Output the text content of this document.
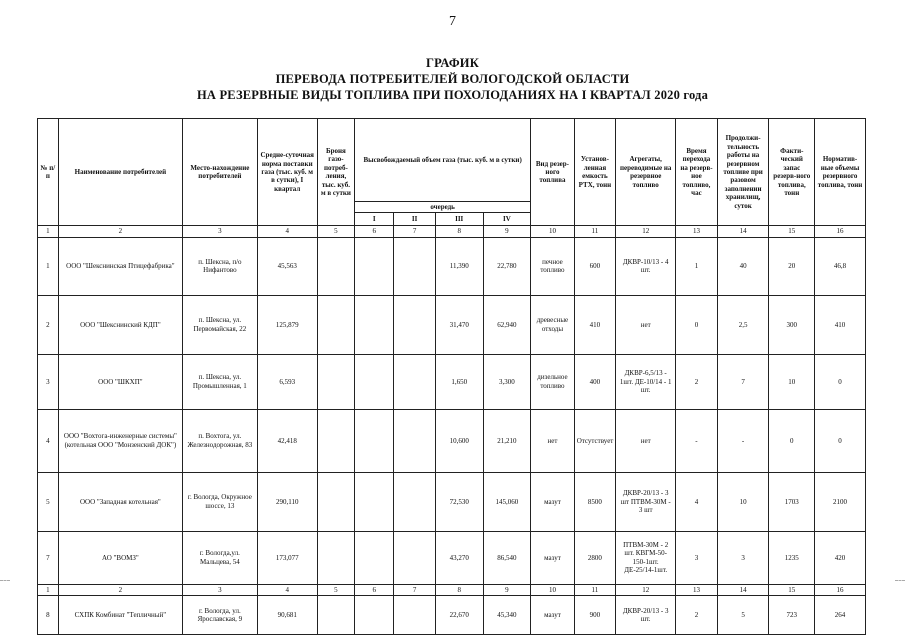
7
ГРАФИК
ПЕРЕВОДА ПОТРЕБИТЕЛЕЙ ВОЛОГОДСКОЙ ОБЛАСТИ
НА РЕЗЕРВНЫЕ ВИДЫ ТОПЛИВА ПРИ ПОХОЛОДАНИЯХ НА I КВАРТАЛ 2020 года
№ п/п	Наименование потребителей	Место-нахождение потребителей	Средне-суточная норма поставки газа (тыс. куб. м в сутки), I квартал	Броня газо-потреб-ления, тыс. куб. м в сутки	Высвобождаемый объем газа (тыс. куб. м в сутки)				Вид резер-ного топлива	Установ-ленная емкость РТХ, тонн	Агрегаты, переводимые на резервное топливо	Время перехода на резерв-ное топливо, час	Продолжи-тельность работы на резервном топливе при разовом заполнении хранилищ, суток	Факти-ческий запас резерв-ного топлива, тонн	Норматив-ные объемы резервного топлива, тонн
					очередь										
					I	II	III	IV							
1	2	3	4	5	6	7	8	9	10	11	12	13	14	15	16
1	ООО "Шекснинская Птицефабрика"	п. Шексна, п/о Нифантово	45,563				11,390	22,780	печное топливо	600	ДКВР-10/13 - 4 шт.	1	40	20	46,8
2	ООО "Шекснинский КДП"	п. Шексна, ул. Первомайская, 22	125,879				31,470	62,940	древесные отходы	410	нет	0	2,5	300	410
3	ООО "ШКХП"	п. Шексна, ул. Промышленная, 1	6,593				1,650	3,300	дизельное топливо	400	ДКВР-6,5/13 - 1шт. ДЕ-10/14 - 1 шт.	2	7	10	0
4	ООО "Вохтога-инженерные системы" (котельная ООО "Монзенский ДОК")	п. Вохтога, ул. Железнодорожная, 83	42,418				10,600	21,210	нет	Отсутствует	нет	-	-	0	0
5	ООО "Западная котельная"	г. Вологда, Окружное шоссе, 13	290,110				72,530	145,060	мазут	8500	ДКВР-20/13 - 3 шт ПТВМ-30М - 3 шт	4	10	1703	2100
7	АО "ВОМЗ"	г. Вологда,ул. Мальцева, 54	173,077				43,270	86,540	мазут	2800	ПТВМ-30М - 2 шт. КВГМ-50-150-1шт. ДЕ-25/14-1шт.	3	3	1235	420
1	2	3	4	5	6	7	8	9	10	11	12	13	14	15	16
8	СХПК Комбинат "Тепличный"	г. Вологда, ул. Ярославская, 9	90,681				22,670	45,340	мазут	900	ДКВР-20/13 - 3 шт.	2	5	723	264
